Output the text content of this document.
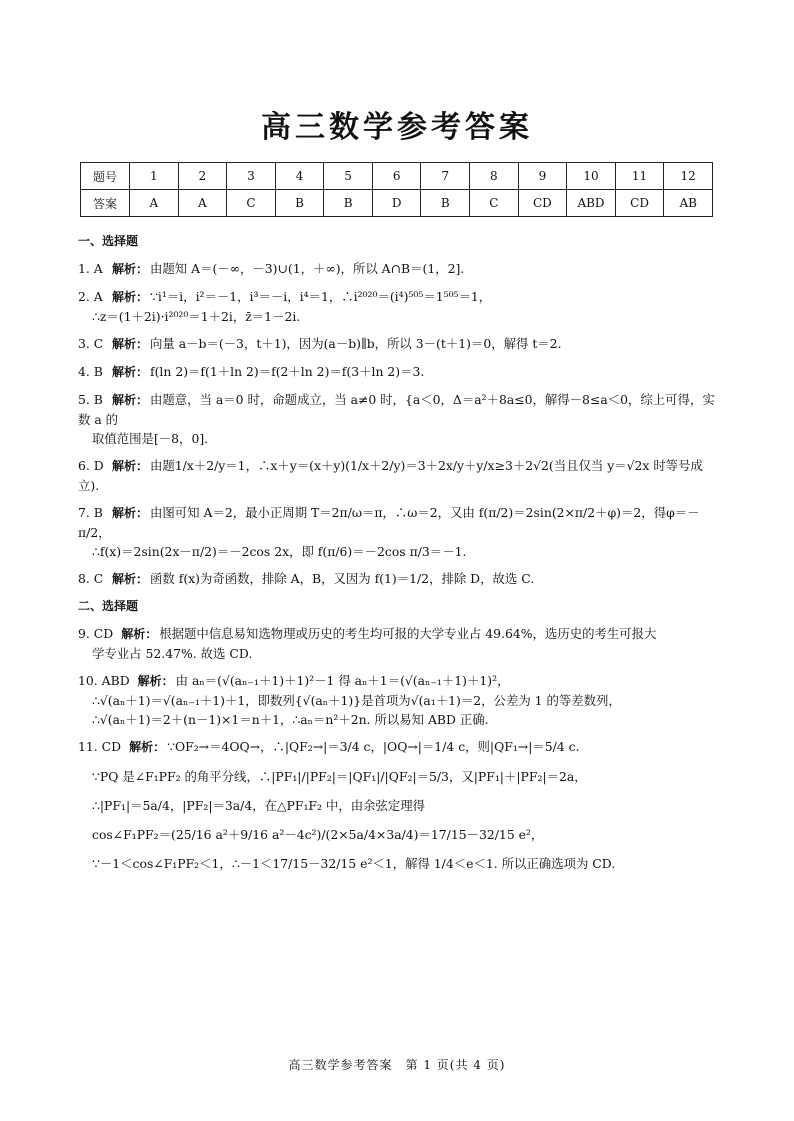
高三数学参考答案
题号	1	2	3	4	5	6	7	8	9	10	11	12
答案	A	A	C	B	B	D	B	C	CD	ABD	CD	AB
一、选择题
1. A 解析： 由题知 A＝(－∞，－3)∪(1，＋∞)，所以 A∩B＝(1，2].
2. A 解析： ∵i¹＝i，i²＝－1，i³＝－i，i⁴＝1，∴i²⁰²⁰＝(i⁴)⁵⁰⁵＝1⁵⁰⁵＝1，
∴z＝(1＋2i)·i²⁰²⁰＝1＋2i，z̄＝1－2i.
3. C 解析： 向量 a－b＝(－3，t＋1)，因为(a－b)∥b，所以 3－(t＋1)＝0，解得 t＝2.
4. B 解析： f(ln 2)＝f(1＋ln 2)＝f(2＋ln 2)＝f(3＋ln 2)＝3.
5. B 解析： 由题意，当 a＝0 时，命题成立，当 a≠0 时，{a＜0，Δ＝a²＋8a≤0，解得－8≤a＜0，综上可得，实数 a 的
取值范围是[－8，0].
6. D 解析： 由题1/x＋2/y＝1，∴x＋y＝(x＋y)(1/x＋2/y)＝3＋2x/y＋y/x≥3＋2√2(当且仅当 y＝√2x 时等号成立).
7. B 解析： 由图可知 A＝2，最小正周期 T＝2π/ω＝π，∴ω＝2，又由 f(π/2)＝2sin(2×π/2＋φ)＝2，得φ＝－π/2，
∴f(x)＝2sin(2x－π/2)＝－2cos 2x，即 f(π/6)＝－2cos π/3＝－1.
8. C 解析： 函数 f(x)为奇函数，排除 A，B，又因为 f(1)＝1/2，排除 D，故选 C.
二、选择题
9. CD 解析： 根据题中信息易知选物理或历史的考生均可报的大学专业占 49.64%，选历史的考生可报大
学专业占 52.47%. 故选 CD.
10. ABD 解析： 由 aₙ＝(√(aₙ₋₁＋1)＋1)²－1 得 aₙ＋1＝(√(aₙ₋₁＋1)＋1)²，
∴√(aₙ＋1)＝√(aₙ₋₁＋1)＋1，即数列{√(aₙ＋1)}是首项为√(a₁＋1)＝2，公差为 1 的等差数列，
∴√(aₙ＋1)＝2＋(n－1)×1＝n＋1，∴aₙ＝n²＋2n. 所以易知 ABD 正确.
11. CD 解析： ∵OF₂→＝4OQ→，∴|QF₂→|＝3/4 c，|OQ→|＝1/4 c，则|QF₁→|＝5/4 c.
∵PQ 是∠F₁PF₂ 的角平分线，∴|PF₁|/|PF₂|＝|QF₁|/|QF₂|＝5/3，又|PF₁|＋|PF₂|＝2a，
∴|PF₁|＝5a/4，|PF₂|＝3a/4，在△PF₁F₂ 中，由余弦定理得
cos∠F₁PF₂＝(25/16 a²＋9/16 a²－4c²)/(2×5a/4×3a/4)＝17/15－32/15 e²，
∵－1＜cos∠F₁PF₂＜1，∴－1＜17/15－32/15 e²＜1，解得 1/4＜e＜1. 所以正确选项为 CD.
高三数学参考答案　第 1 页(共 4 页)
